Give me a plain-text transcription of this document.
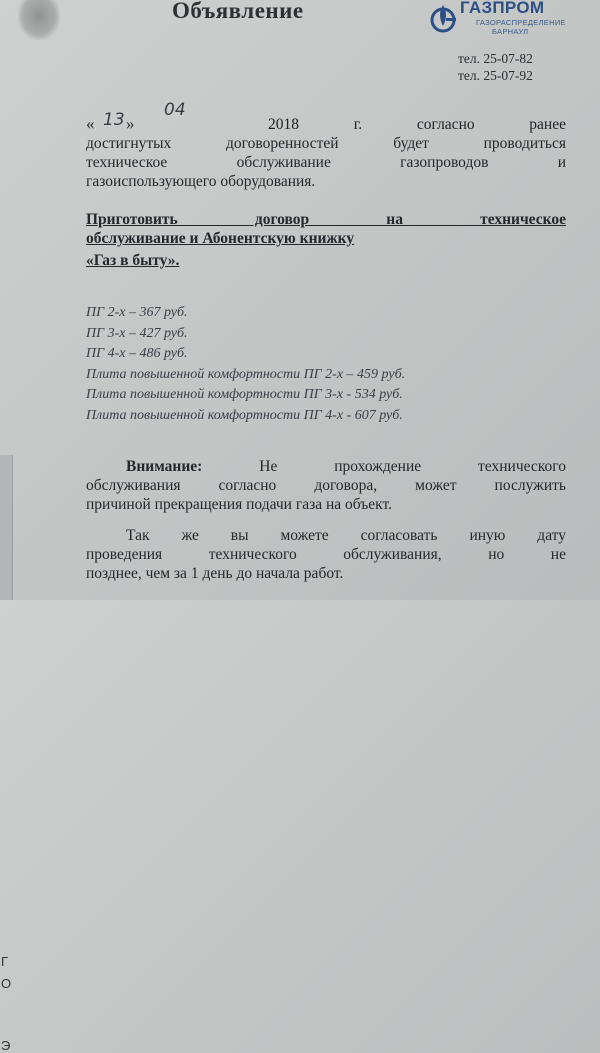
Г
О
Э
Объявление	ГАЗПРОМ
ГАЗОРАСПРЕДЕЛЕНИЕ
БАРНАУЛ
тел. 25-07-82
тел. 25-07-92
« 13 »
04
2018 г. согласно ранее
достигнутых договоренностей будет проводиться
техническое обслуживание газопроводов и
газоиспользующего оборудования.
Приготовить договор на техническое
обслуживание и Абонентскую книжку
«Газ в быту».
ПГ 2-х – 367 руб.
ПГ 3-х – 427 руб.
ПГ 4-х – 486 руб.
Плита повышенной комфортности ПГ 2-х – 459 руб.
Плита повышенной комфортности ПГ 3-х - 534 руб.
Плита повышенной комфортности ПГ 4-х - 607 руб.
Внимание:	Не прохождение технического
обслуживания согласно договора, может послужить
причиной прекращения подачи газа на объект.
Так же вы можете согласовать иную дату
проведения технического обслуживания, но не
позднее, чем за 1 день до начала работ.
